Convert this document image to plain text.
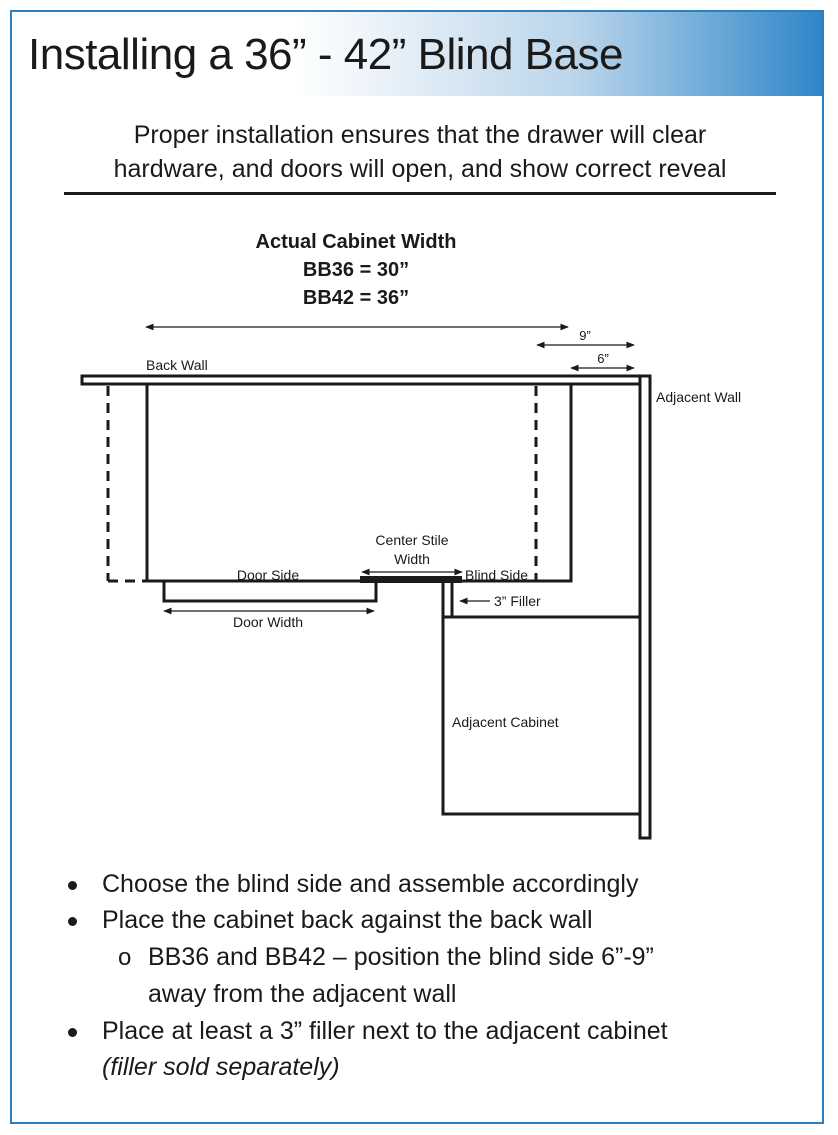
Installing a 36” - 42” Blind Base
Proper installation ensures that the drawer will clear
hardware, and doors will open, and show correct reveal
Actual Cabinet Width
BB36 = 30”
BB42 = 36”
9”
6”
Back Wall
Adjacent Wall
Door Side
Center Stile
Width
Blind Side
3” Filler
Door Width
Adjacent Cabinet
Choose the blind side and assemble accordingly
Place the cabinet back against the back wall
o BB36 and BB42 – position the blind side 6”-9”
away from the adjacent wall
Place at least a 3” filler next to the adjacent cabinet
(filler sold separately)
